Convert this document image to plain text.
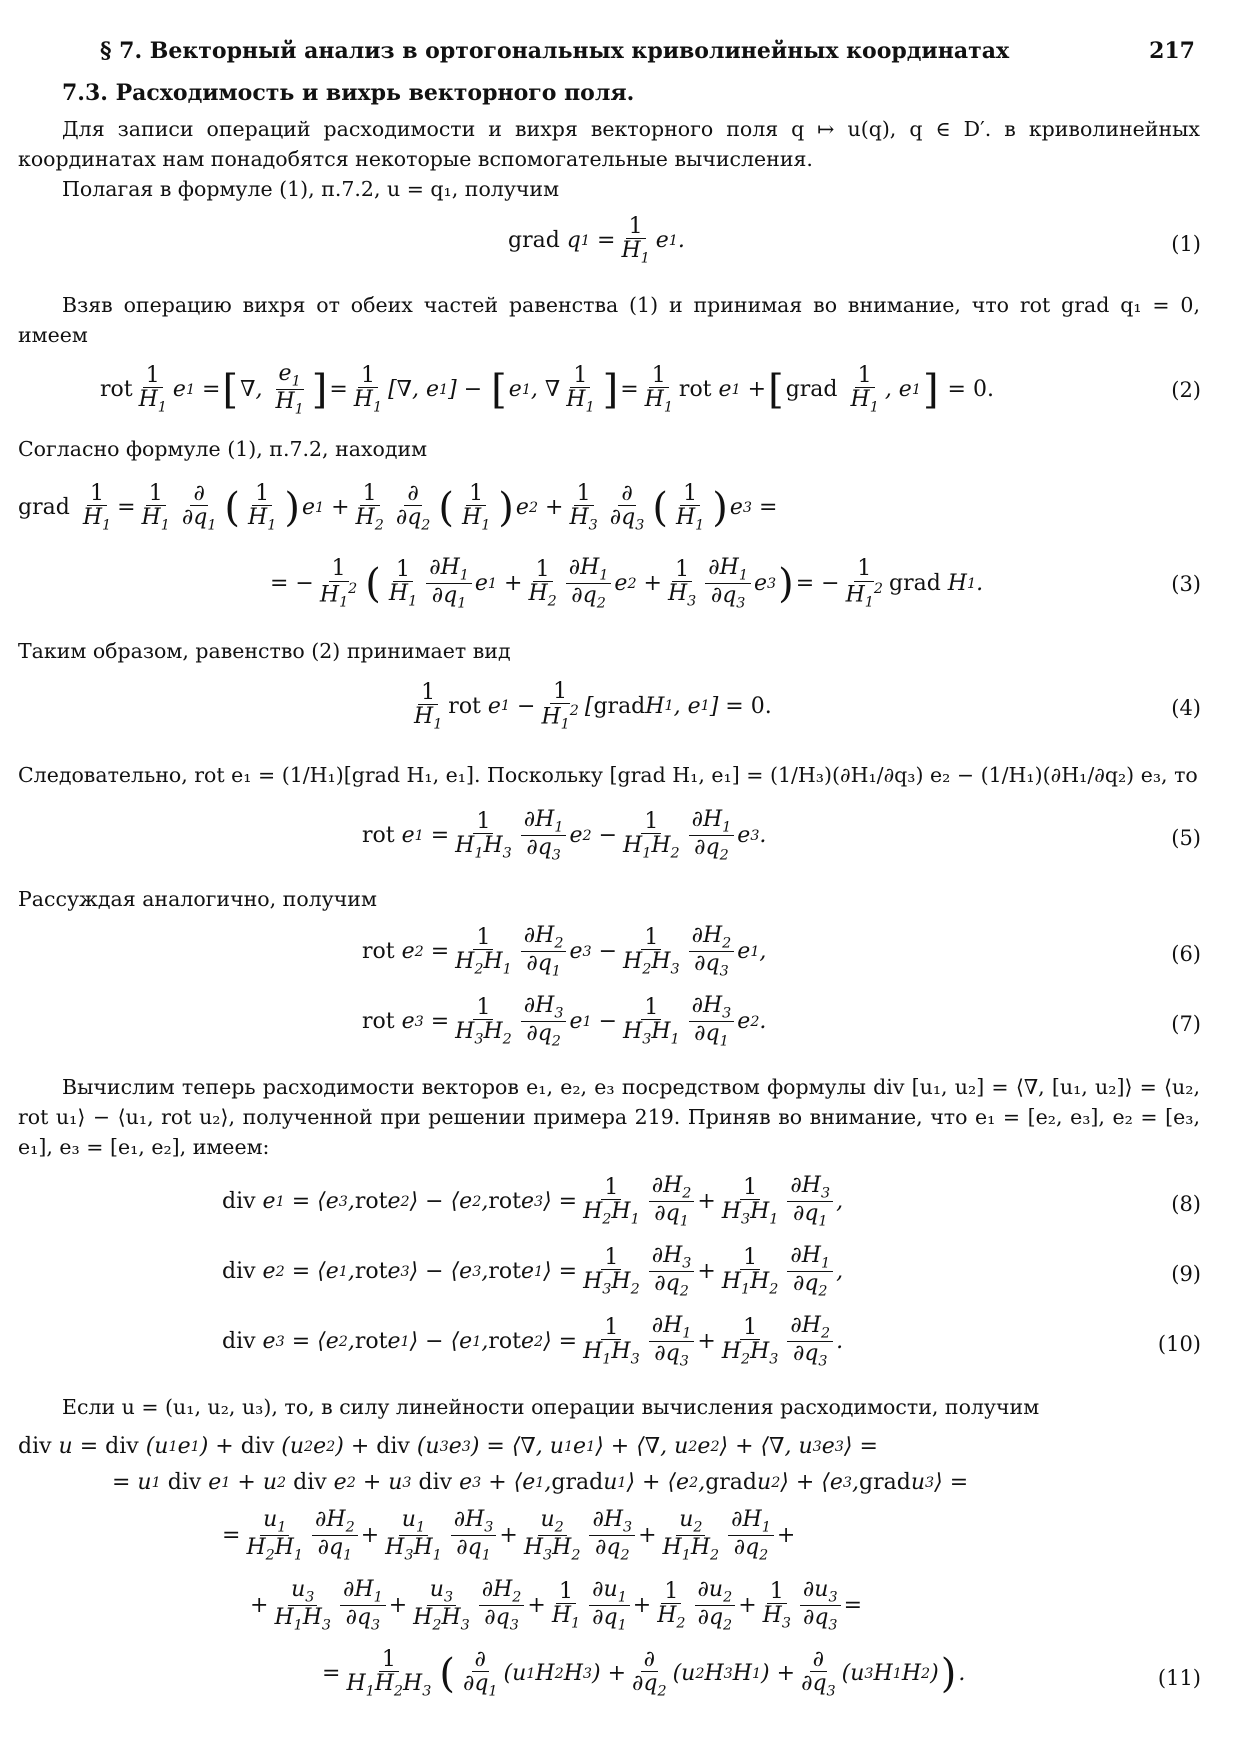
§ 7. Векторный анализ в ортогональных криволинейных координатах	217
7.3. Расходимость и вихрь векторного поля.
Для записи операций расходимости и вихря векторного поля q ↦ u(q), q ∈ D′. в криволинейных координатах нам понадобятся некоторые вспомогательные вычисления.
Полагая в формуле (1), п.7.2, u = q₁, получим
grad q 1
= $\frac{1}{H_1}$ e 1 .	(1)
Взяв операцию вихря от обеих частей равенства (1) и принимая во внимание, что rot grad q₁ = 0, имеем
rot $\frac{1}{H_1}$ e 1
= [ ∇, $\frac{e_1}{H_1}$ ] = $\frac{1}{H_1}$ [∇, e 1 ] − [ e 1 , ∇ $\frac{1}{H_1}$ ] = $\frac{1}{H_1}$ rot e 1
+ [ grad
$\frac{1}{H_1}$ , e 1 ] = 0.	(2)
Согласно формуле (1), п.7.2, находим
grad
$\frac{1}{H_1} = \frac{1}{H_1} \frac{\partial}{\partial q_1}$ ( $\frac{1}{H_1}$ ) e 1
+ $\frac{1}{H_2} \frac{\partial}{\partial q_2}$ ( $\frac{1}{H_1}$ ) e 2
+ $\frac{1}{H_3} \frac{\partial}{\partial q_3}$ ( $\frac{1}{H_1}$ ) e 3
=
= − $\frac{1}{H_1^2}$ ( $\frac{1}{H_1} \frac{\partial H_1}{\partial q_1}$ e 1
+ $\frac{1}{H_2} \frac{\partial H_1}{\partial q_2}$ e 2
+ $\frac{1}{H_3} \frac{\partial H_1}{\partial q_3}$ e 3 ) = − $\frac{1}{H_1^2}$ grad H 1 .	(3)
Таким образом, равенство (2) принимает вид
$\frac{1}{H_1}$ rot e 1
− $\frac{1}{H_1^2}$ [ grad H 1 , e 1 ] = 0.	(4)
Следовательно, rot e₁ = (1/H₁)[grad H₁, e₁]. Поскольку [grad H₁, e₁] = (1/H₃)(∂H₁/∂q₃) e₂ − (1/H₁)(∂H₁/∂q₂) e₃, то
rot e 1
= $\frac{1}{H_1H_3} \frac{\partial H_1}{\partial q_3}$ e 2
− $\frac{1}{H_1H_2} \frac{\partial H_1}{\partial q_2}$ e 3 .	(5)
Рассуждая аналогично, получим
rot e 2
= $\frac{1}{H_2H_1} \frac{\partial H_2}{\partial q_1}$ e 3
− $\frac{1}{H_2H_3} \frac{\partial H_2}{\partial q_3}$ e 1 ,	(6)
rot e 3
= $\frac{1}{H_3H_2} \frac{\partial H_3}{\partial q_2}$ e 1
− $\frac{1}{H_3H_1} \frac{\partial H_3}{\partial q_1}$ e 2 .	(7)
Вычислим теперь расходимости векторов e₁, e₂, e₃ посредством формулы div [u₁, u₂] = ⟨∇, [u₁, u₂]⟩ = ⟨u₂, rot u₁⟩ − ⟨u₁, rot u₂⟩, полученной при решении примера 219. Приняв во внимание, что e₁ = [e₂, e₃], e₂ = [e₃, e₁], e₃ = [e₁, e₂], имеем:
div e 1
= ⟨e 3 , rot e 2 ⟩ − ⟨e 2 , rot e 3 ⟩ = $\frac{1}{H_2H_1} \frac{\partial H_2}{\partial q_1} + \frac{1}{H_3H_1} \frac{\partial H_3}{\partial q_1}$ ,	(8)
div e 2
= ⟨e 1 , rot e 3 ⟩ − ⟨e 3 , rot e 1 ⟩ = $\frac{1}{H_3H_2} \frac{\partial H_3}{\partial q_2} + \frac{1}{H_1H_2} \frac{\partial H_1}{\partial q_2}$ ,	(9)
div e 3
= ⟨e 2 , rot e 1 ⟩ − ⟨e 1 , rot e 2 ⟩ = $\frac{1}{H_1H_3} \frac{\partial H_1}{\partial q_3} + \frac{1}{H_2H_3} \frac{\partial H_2}{\partial q_3}$ .	(10)
Если u = (u₁, u₂, u₃), то, в силу линейности операции вычисления расходимости, получим
div u = div (u 1 e 1 ) + div (u 2 e 2 ) + div (u 3 e 3 ) = ⟨∇, u 1 e 1 ⟩ + ⟨∇, u 2 e 2 ⟩ + ⟨∇, u 3 e 3 ⟩ =
= u 1
div e 1
+ u 2
div e 2
+ u 3
div e 3
+ ⟨e 1 , grad u 1 ⟩ + ⟨e 2 , grad u 2 ⟩ + ⟨e 3 , grad u 3 ⟩ =
= $\frac{u_1}{H_2H_1} \frac{\partial H_2}{\partial q_1} + \frac{u_1}{H_3H_1} \frac{\partial H_3}{\partial q_1} + \frac{u_2}{H_3H_2} \frac{\partial H_3}{\partial q_2} + \frac{u_2}{H_1H_2} \frac{\partial H_1}{\partial q_2}$ +
+ $\frac{u_3}{H_1H_3} \frac{\partial H_1}{\partial q_3} + \frac{u_3}{H_2H_3} \frac{\partial H_2}{\partial q_3} + \frac{1}{H_1} \frac{\partial u_1}{\partial q_1} + \frac{1}{H_2} \frac{\partial u_2}{\partial q_2} + \frac{1}{H_3} \frac{\partial u_3}{\partial q_3}$ =
= $\frac{1}{H_1H_2H_3}$ ( $\frac{\partial}{\partial q_1} (u$ 1 H 2 H 3 ) + $\frac{\partial}{\partial q_2} (u$ 2 H 3 H 1 ) + $\frac{\partial}{\partial q_3} (u$ 3 H 1 H 2 ) ) .	(11)
